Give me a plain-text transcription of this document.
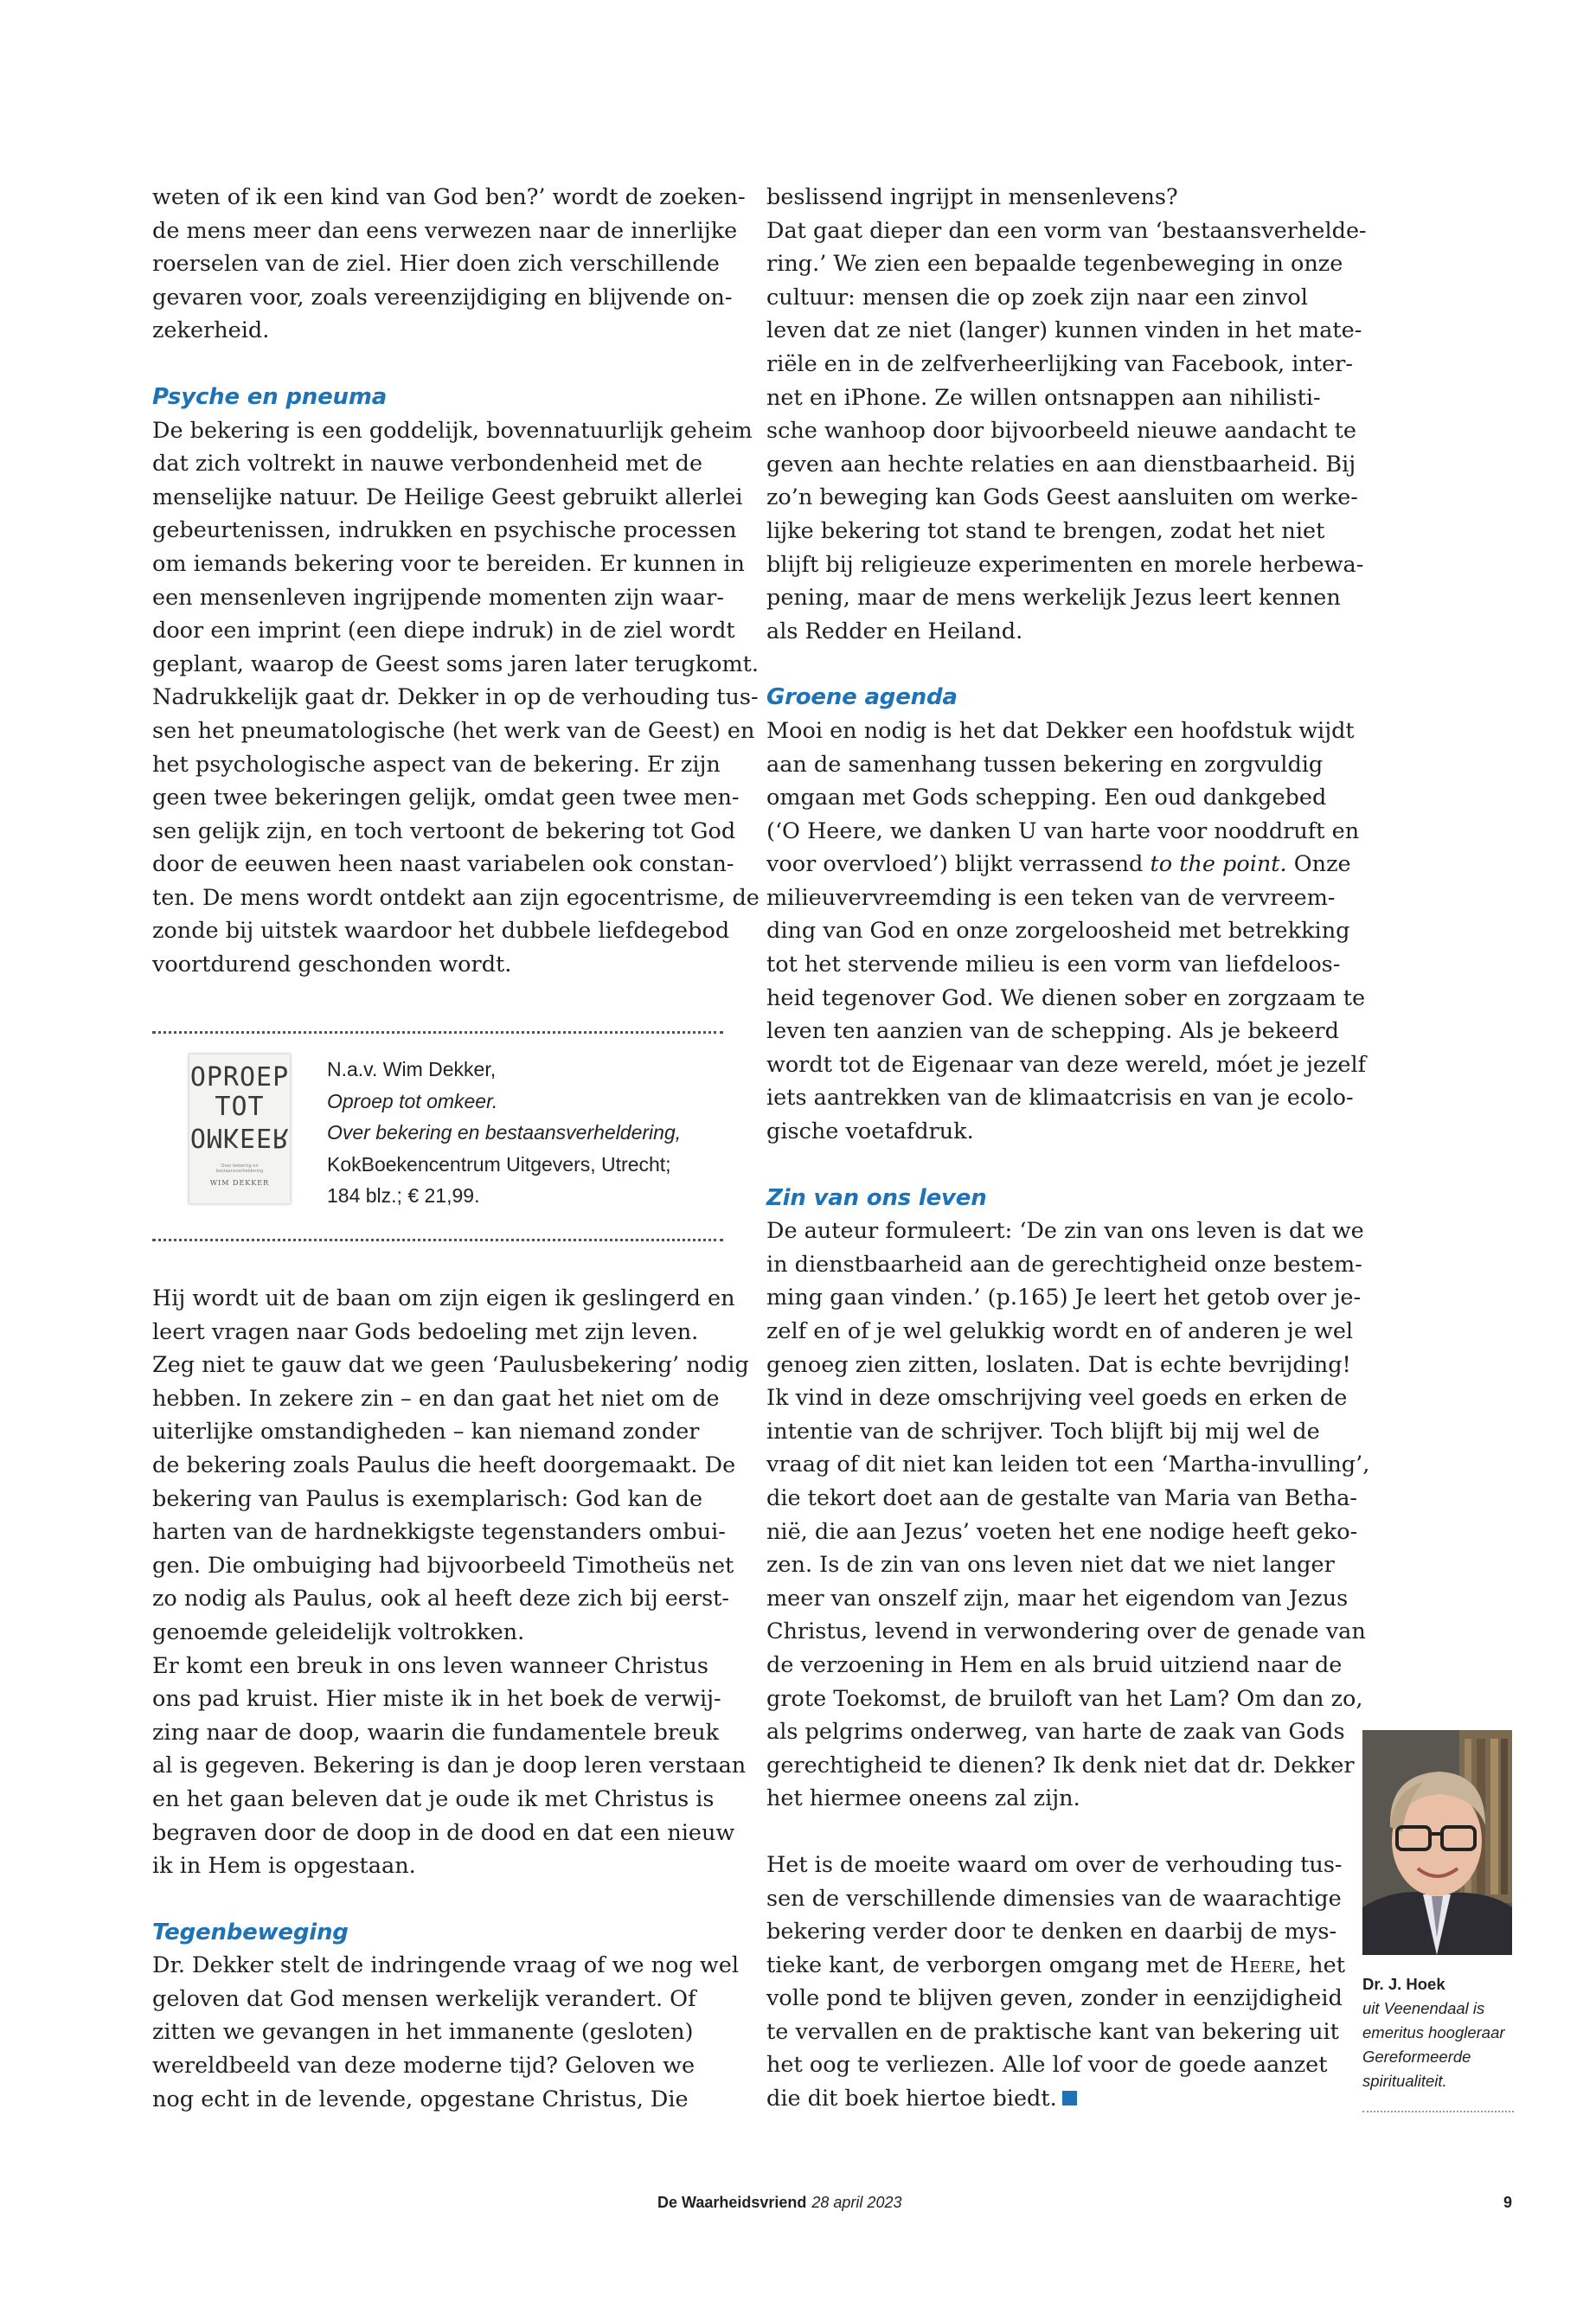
weten of ik een kind van God ben?’ wordt de zoeken-
de mens meer dan eens verwezen naar de innerlijke
roerselen van de ziel. Hier doen zich verschillende
gevaren voor, zoals vereenzijdiging en blijvende on-
zekerheid.
Psyche en pneuma
De bekering is een goddelijk, bovennatuurlijk geheim
dat zich voltrekt in nauwe verbondenheid met de
menselijke natuur. De Heilige Geest gebruikt allerlei
gebeurtenissen, indrukken en psychische processen
om iemands bekering voor te bereiden. Er kunnen in
een mensenleven ingrijpende momenten zijn waar-
door een imprint (een diepe indruk) in de ziel wordt
geplant, waarop de Geest soms jaren later terugkomt.
Nadrukkelijk gaat dr. Dekker in op de verhouding tus-
sen het pneumatologische (het werk van de Geest) en
het psychologische aspect van de bekering. Er zijn
geen twee bekeringen gelijk, omdat geen twee men-
sen gelijk zijn, en toch vertoont de bekering tot God
door de eeuwen heen naast variabelen ook constan-
ten. De mens wordt ontdekt aan zijn egocentrisme, de
zonde bij uitstek waardoor het dubbele liefdegebod
voortdurend geschonden wordt.
OPROEP
TOT
OMKEER
Over bekering en bestaansverheldering
WIM DEKKER
N.a.v. Wim Dekker,
Oproep tot omkeer.
Over bekering en bestaansverheldering,
KokBoekencentrum Uitgevers, Utrecht;
184 blz.; € 21,99.
Hij wordt uit de baan om zijn eigen ik geslingerd en
leert vragen naar Gods bedoeling met zijn leven.
Zeg niet te gauw dat we geen ‘Paulusbekering’ nodig
hebben. In zekere zin – en dan gaat het niet om de
uiterlijke omstandigheden – kan niemand zonder
de bekering zoals Paulus die heeft doorgemaakt. De
bekering van Paulus is exemplarisch: God kan de
harten van de hardnekkigste tegenstanders ombui-
gen. Die ombuiging had bijvoorbeeld Timotheüs net
zo nodig als Paulus, ook al heeft deze zich bij eerst-
genoemde geleidelijk voltrokken.
Er komt een breuk in ons leven wanneer Christus
ons pad kruist. Hier miste ik in het boek de verwij-
zing naar de doop, waarin die fundamentele breuk
al is gegeven. Bekering is dan je doop leren verstaan
en het gaan beleven dat je oude ik met Christus is
begraven door de doop in de dood en dat een nieuw
ik in Hem is opgestaan.
Tegenbeweging
Dr. Dekker stelt de indringende vraag of we nog wel
geloven dat God mensen werkelijk verandert. Of
zitten we gevangen in het immanente (gesloten)
wereldbeeld van deze moderne tijd? Geloven we
nog echt in de levende, opgestane Christus, Die
beslissend ingrijpt in mensenlevens?
Dat gaat dieper dan een vorm van ‘bestaansverhelde-
ring.’ We zien een bepaalde tegenbeweging in onze
cultuur: mensen die op zoek zijn naar een zinvol
leven dat ze niet (langer) kunnen vinden in het mate-
riële en in de zelfverheerlijking van Facebook, inter-
net en iPhone. Ze willen ontsnappen aan nihilisti-
sche wanhoop door bijvoorbeeld nieuwe aandacht te
geven aan hechte relaties en aan dienstbaarheid. Bij
zo’n beweging kan Gods Geest aansluiten om werke-
lijke bekering tot stand te brengen, zodat het niet
blijft bij religieuze experimenten en morele herbewa-
pening, maar de mens werkelijk Jezus leert kennen
als Redder en Heiland.
Groene agenda
Mooi en nodig is het dat Dekker een hoofdstuk wijdt
aan de samenhang tussen bekering en zorgvuldig
omgaan met Gods schepping. Een oud dankgebed
(‘O Heere, we danken U van harte voor nooddruft en
voor overvloed’) blijkt verrassend to the point. Onze
milieuvervreemding is een teken van de vervreem-
ding van God en onze zorgeloosheid met betrekking
tot het stervende milieu is een vorm van liefdeloos-
heid tegenover God. We dienen sober en zorgzaam te
leven ten aanzien van de schepping. Als je bekeerd
wordt tot de Eigenaar van deze wereld, móet je jezelf
iets aantrekken van de klimaatcrisis en van je ecolo-
gische voetafdruk.
Zin van ons leven
De auteur formuleert: ‘De zin van ons leven is dat we
in dienstbaarheid aan de gerechtigheid onze bestem-
ming gaan vinden.’ (p.165) Je leert het getob over je-
zelf en of je wel gelukkig wordt en of anderen je wel
genoeg zien zitten, loslaten. Dat is echte bevrijding!
Ik vind in deze omschrijving veel goeds en erken de
intentie van de schrijver. Toch blijft bij mij wel de
vraag of dit niet kan leiden tot een ‘Martha-invulling’,
die tekort doet aan de gestalte van Maria van Betha-
nië, die aan Jezus’ voeten het ene nodige heeft geko-
zen. Is de zin van ons leven niet dat we niet langer
meer van onszelf zijn, maar het eigendom van Jezus
Christus, levend in verwondering over de genade van
de verzoening in Hem en als bruid uitziend naar de
grote Toekomst, de bruiloft van het Lam? Om dan zo,
als pelgrims onderweg, van harte de zaak van Gods
gerechtigheid te dienen? Ik denk niet dat dr. Dekker
het hiermee oneens zal zijn.
Het is de moeite waard om over de verhouding tus-
sen de verschillende dimensies van de waarachtige
bekering verder door te denken en daarbij de mys-
tieke kant, de verborgen omgang met de Heere, het
volle pond te blijven geven, zonder in eenzijdigheid
te vervallen en de praktische kant van bekering uit
het oog te verliezen. Alle lof voor de goede aanzet
die dit boek hiertoe biedt.
Dr. J. Hoek
uit Veenendaal is
emeritus hoogleraar
Gereformeerde
spiritualiteit.
De Waarheidsvriend 28 april 2023	9
